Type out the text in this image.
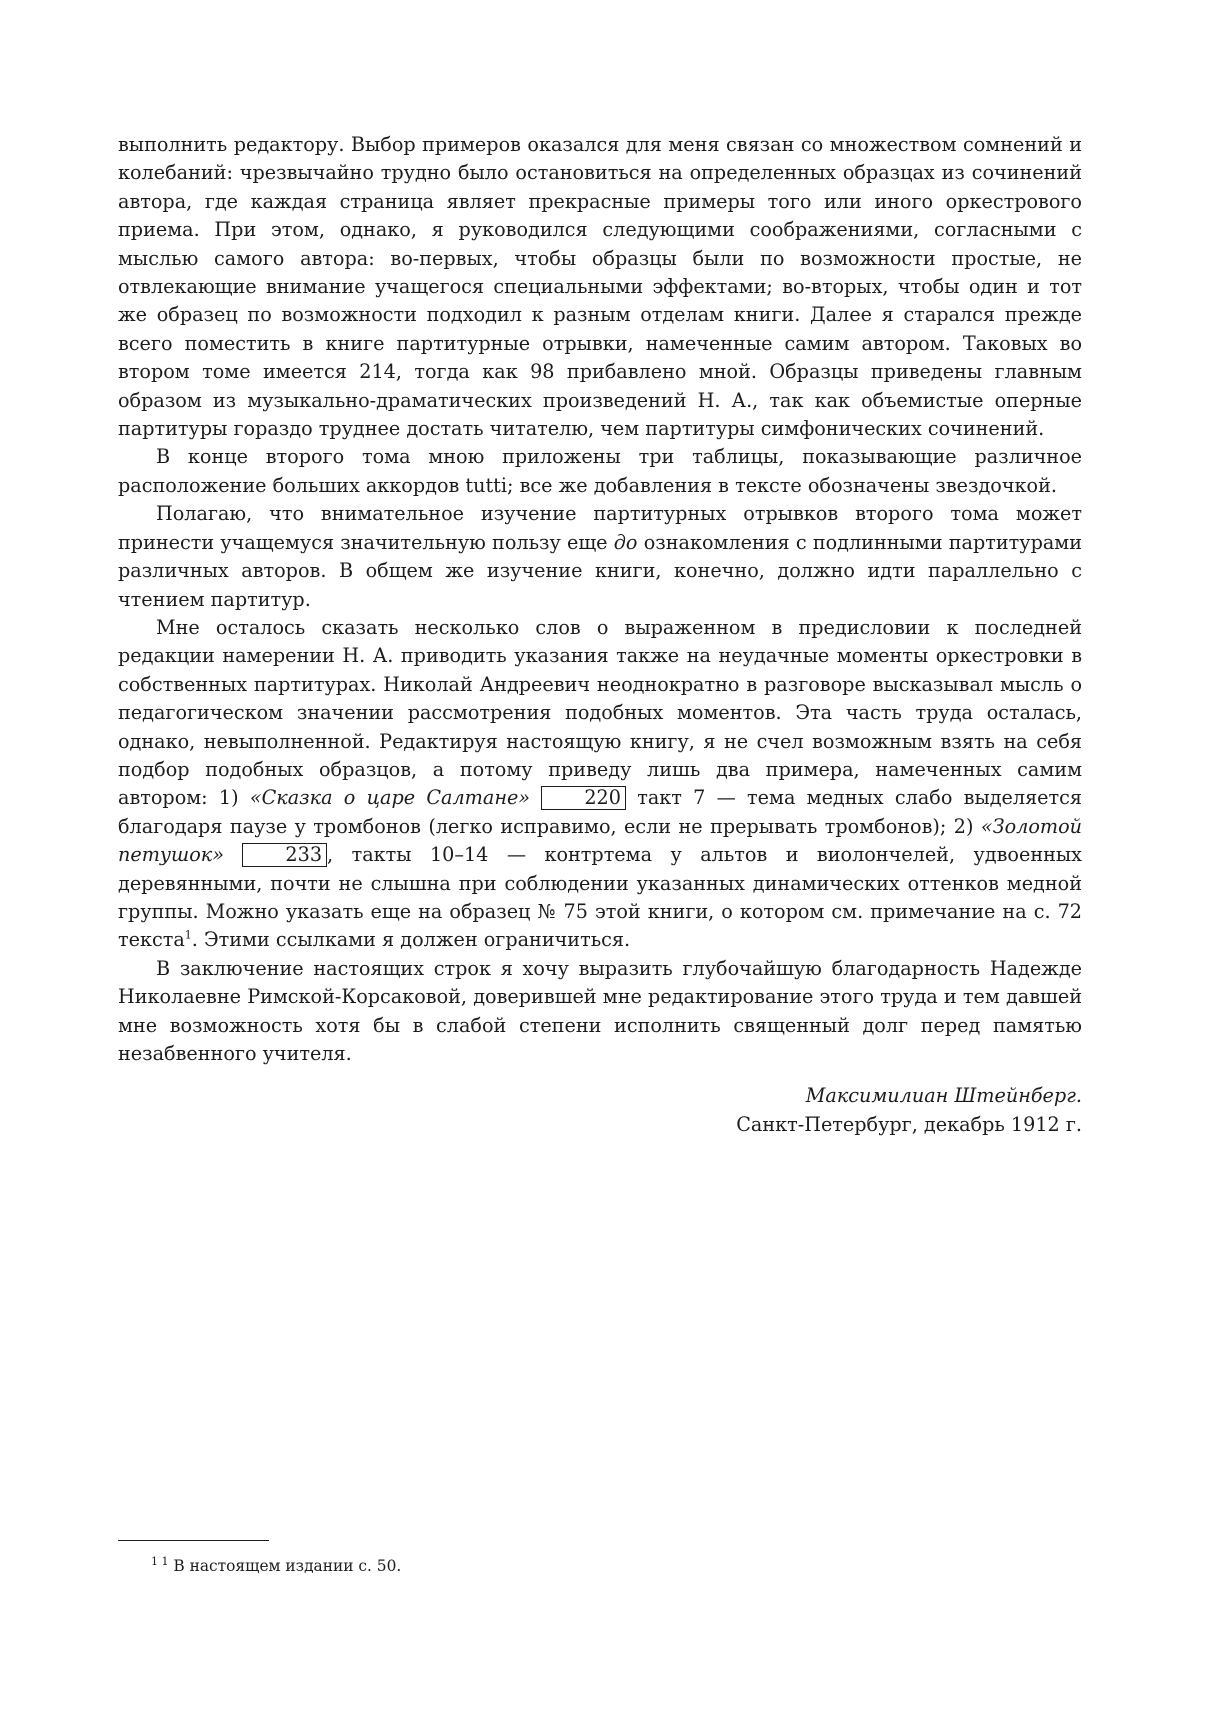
выполнить редактору. Выбор примеров оказался для меня связан со множеством сомнений и колебаний: чрезвычайно трудно было остановиться на определенных образцах из сочинений автора, где каждая страница являет прекрасные примеры того или иного оркестрового приема. При этом, однако, я руководился следующими соображениями, согласными с мыслью самого автора: во-первых, чтобы образцы были по возможности простые, не отвлекающие внимание учащегося специальными эффектами; во-вторых, чтобы один и тот же образец по возможности подходил к разным отделам книги. Далее я старался прежде всего поместить в книге партитурные отрывки, намеченные самим автором. Таковых во втором томе имеется 214, тогда как 98 прибавлено мной. Образцы приведены главным образом из музыкально-драматических произведений Н. А., так как объемистые оперные партитуры гораздо труднее достать читателю, чем партитуры симфонических сочинений.

В конце второго тома мною приложены три таблицы, показывающие различное расположение больших аккордов tutti; все же добавления в тексте обозначены звездочкой.

Полагаю, что внимательное изучение партитурных отрывков второго тома может принести учащемуся значительную пользу еще до ознакомления с подлинными партитурами различных авторов. В общем же изучение книги, конечно, должно идти параллельно с чтением партитур.

Мне осталось сказать несколько слов о выраженном в предисловии к последней редакции намерении Н. А. приводить указания также на неудачные моменты оркестровки в собственных партитурах. Николай Андреевич неоднократно в разговоре высказывал мысль о педагогическом значении рассмотрения подобных моментов. Эта часть труда осталась, однако, невыполненной. Редактируя настоящую книгу, я не счел возможным взять на себя подбор подобных образцов, а потому приведу лишь два примера, намеченных самим автором: 1) «Сказка о царе Салтане»	220 такт 7 — тема медных слабо выделяется благодаря паузе у тромбонов (легко исправимо, если не прерывать тромбонов); 2) «Золотой петушок»	233 , такты 10–14 — контртема у альтов и виолончелей, удвоенных деревянными, почти не слышна при соблюдении указанных динамических оттенков медной группы. Можно указать еще на образец № 75 этой книги, о котором см. примечание на с. 72 текста$^1$. Этими ссылками я должен ограничиться.

В заключение настоящих строк я хочу выразить глубочайшую благодарность Надежде Николаевне Римской-Корсаковой, доверившей мне редактирование этого труда и тем давшей мне возможность хотя бы в слабой степени исполнить священный долг перед памятью незабвенного учителя.

Максимилиан Штейнберг.
Санкт-Петербург, декабрь 1912 г.
$^{1 1}$ В настоящем издании с. 50.
